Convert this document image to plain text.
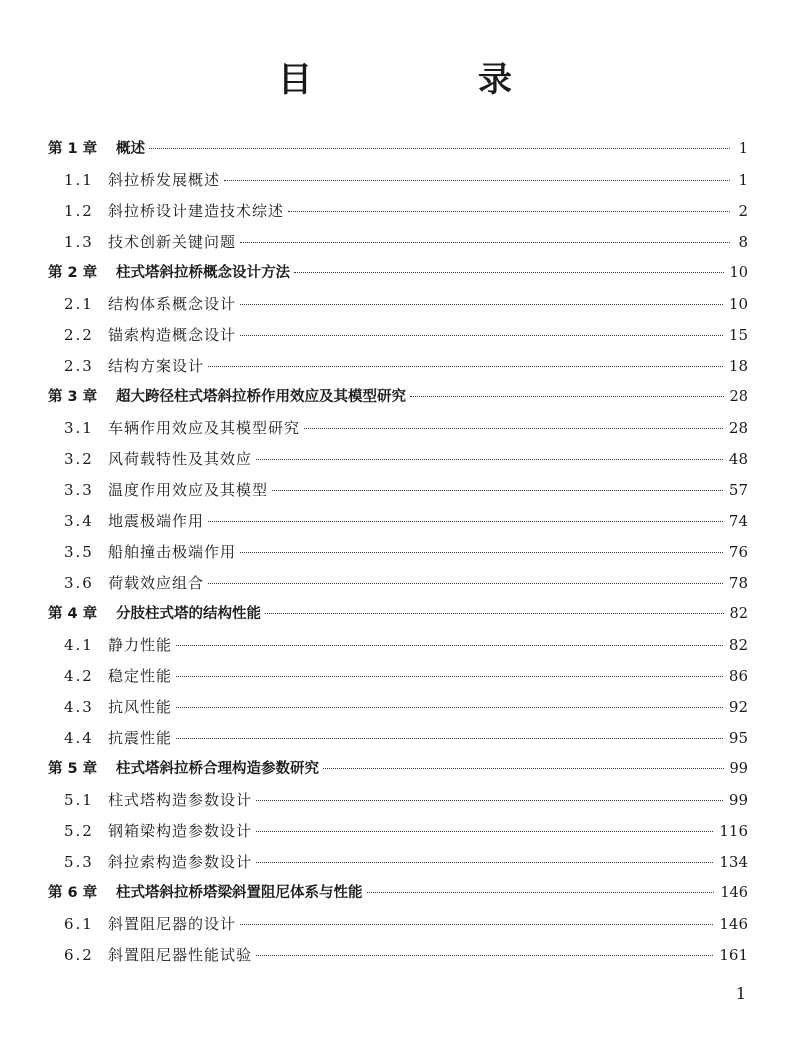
目　录
第 1 章	概述	1
1.1 斜拉桥发展概述	1
1.2 斜拉桥设计建造技术综述	2
1.3 技术创新关键问题	8
第 2 章	柱式塔斜拉桥概念设计方法	10
2.1 结构体系概念设计	10
2.2 锚索构造概念设计	15
2.3 结构方案设计	18
第 3 章	超大跨径柱式塔斜拉桥作用效应及其模型研究	28
3.1 车辆作用效应及其模型研究	28
3.2 风荷载特性及其效应	48
3.3 温度作用效应及其模型	57
3.4 地震极端作用	74
3.5 船舶撞击极端作用	76
3.6 荷载效应组合	78
第 4 章	分肢柱式塔的结构性能	82
4.1 静力性能	82
4.2 稳定性能	86
4.3 抗风性能	92
4.4 抗震性能	95
第 5 章	柱式塔斜拉桥合理构造参数研究	99
5.1 柱式塔构造参数设计	99
5.2 钢箱梁构造参数设计	116
5.3 斜拉索构造参数设计	134
第 6 章	柱式塔斜拉桥塔梁斜置阻尼体系与性能	146
6.1 斜置阻尼器的设计	146
6.2 斜置阻尼器性能试验	161
1
